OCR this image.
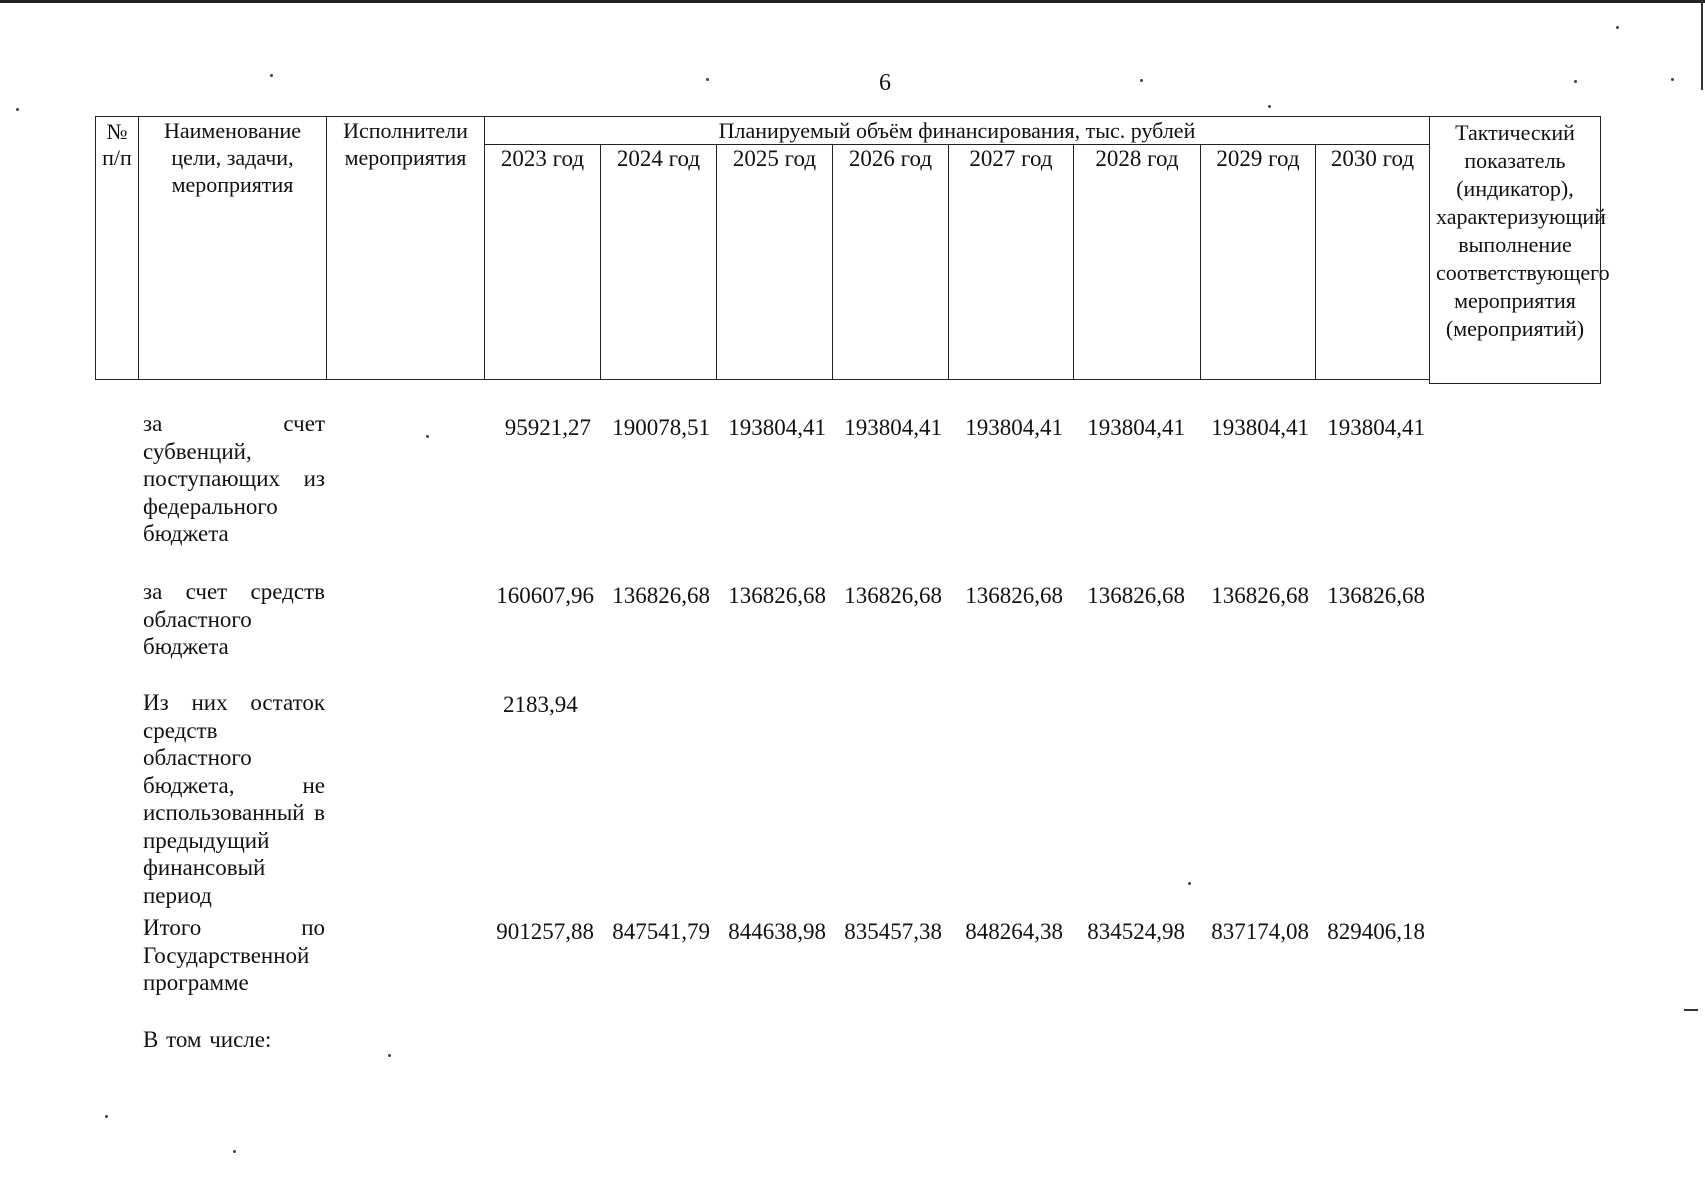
6
№ п/п
Наименование цели, задачи, мероприятия
Исполнители мероприятия
Планируемый объём финансирования, тыс. рублей
2023 год	2024 год	2025 год	2026 год	2027 год	2028 год	2029 год	2030 год
Тактический показатель (индикатор), характеризующий выполнение соответствующего мероприятия (мероприятий)
за счет субвенций, поступающих из федерального бюджета
95921,27 190078,51 193804,41 193804,41	193804,41	193804,41	193804,41 193804,41
за счет средств областного бюджета
160607,96 136826,68 136826,68 136826,68	136826,68	136826,68	136826,68 136826,68
Из них остаток средств областного бюджета, не использованный в предыдущий финансовый период
2183,94
Итого по Государственной программе
901257,88 847541,79 844638,98 835457,38	848264,38	834524,98	837174,08 829406,18
В том числе:
